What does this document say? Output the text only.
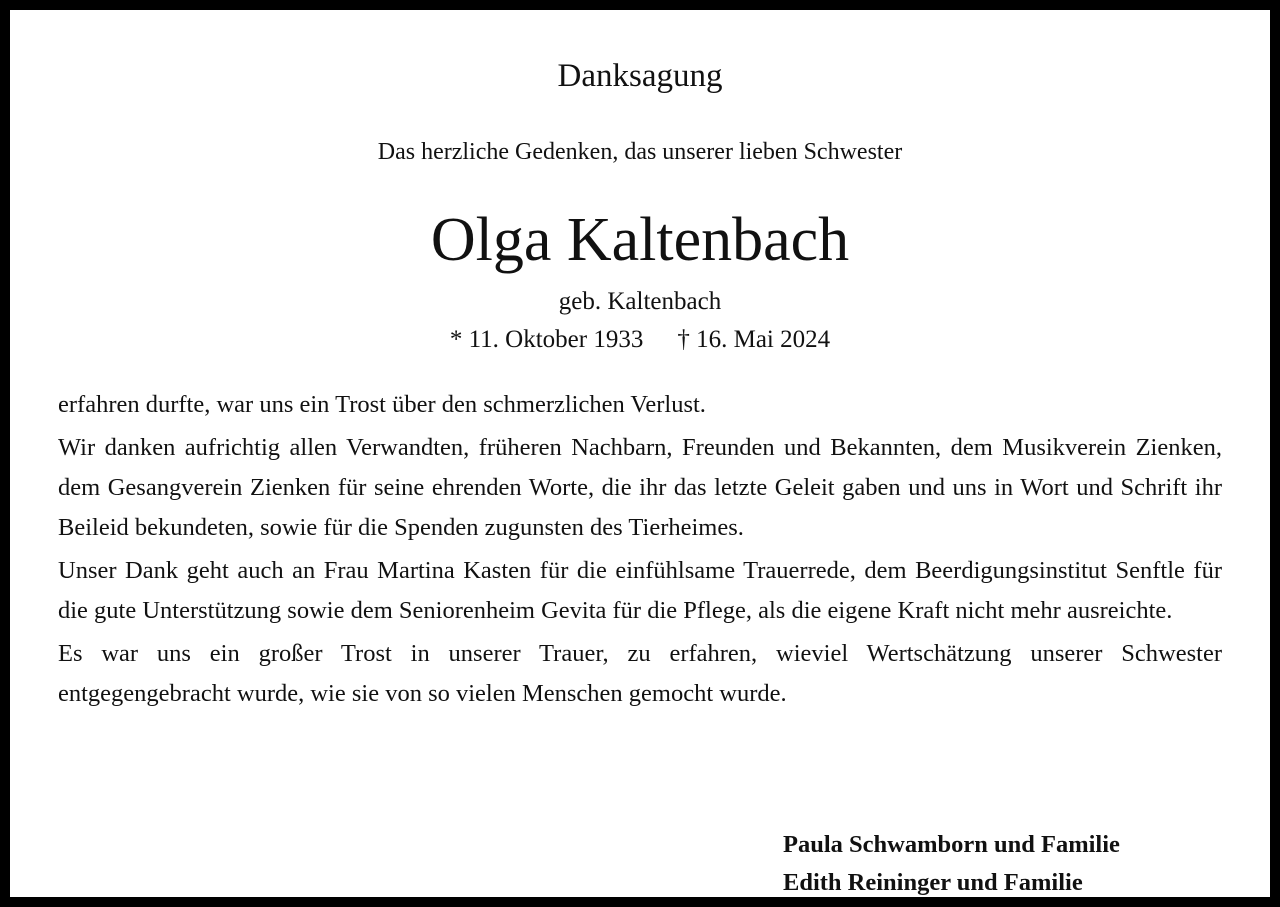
Danksagung
Das herzliche Gedenken, das unserer lieben Schwester
Olga Kaltenbach
geb. Kaltenbach
* 11. Oktober 1933 † 16. Mai 2024

erfahren durfte, war uns ein Trost über den schmerzlichen Verlust.

Wir danken aufrichtig allen Verwandten, früheren Nachbarn, Freunden und Bekannten, dem Musikverein Zienken, dem Gesangverein Zienken für seine ehrenden Worte, die ihr das letzte Geleit gaben und uns in Wort und Schrift ihr Beileid bekundeten, sowie für die Spenden zugunsten des Tierheimes.

Unser Dank geht auch an Frau Martina Kasten für die einfühlsame Trauerrede, dem Beerdigungsinstitut Senftle für die gute Unterstützung sowie dem Seniorenheim Gevita für die Pflege, als die eigene Kraft nicht mehr ausreichte.

Es war uns ein großer Trost in unserer Trauer, zu erfahren, wieviel Wertschätzung unserer Schwester entgegengebracht wurde, wie sie von so vielen Menschen gemocht wurde.

Paula Schwamborn und Familie
Edith Reininger und Familie
